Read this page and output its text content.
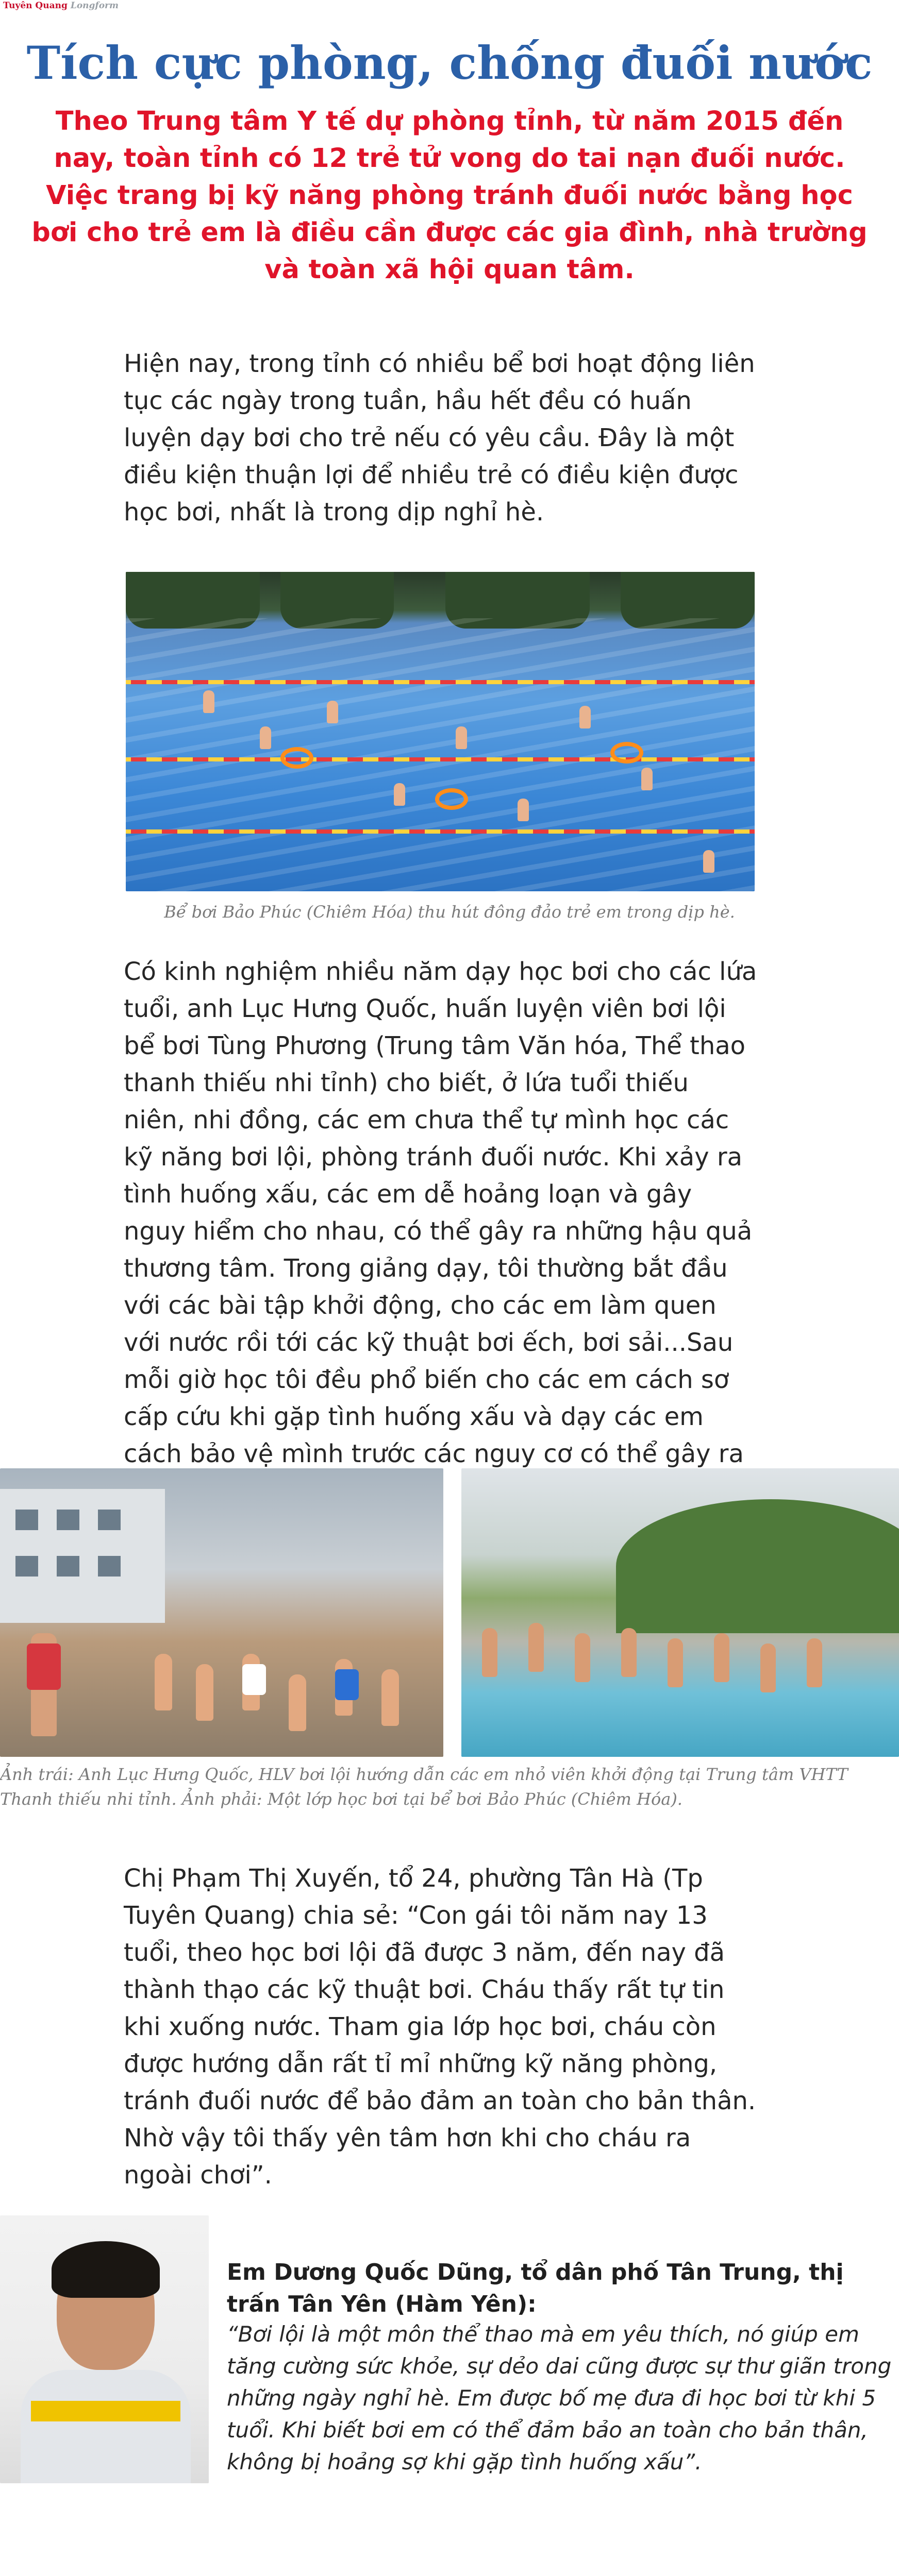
Tuyên Quang Longform
Tích cực phòng, chống đuối nước
Theo Trung tâm Y tế dự phòng tỉnh, từ năm 2015 đến nay, toàn tỉnh có 12 trẻ tử vong do tai nạn đuối nước. Việc trang bị kỹ năng phòng tránh đuối nước bằng học bơi cho trẻ em là điều cần được các gia đình, nhà trường và toàn xã hội quan tâm.
Hiện nay, trong tỉnh có nhiều bể bơi hoạt động liên tục các ngày trong tuần, hầu hết đều có huấn luyện dạy bơi cho trẻ nếu có yêu cầu. Đây là một điều kiện thuận lợi để nhiều trẻ có điều kiện được học bơi, nhất là trong dịp nghỉ hè.
Bể bơi Bảo Phúc (Chiêm Hóa) thu hút đông đảo trẻ em trong dịp hè.
Có kinh nghiệm nhiều năm dạy học bơi cho các lứa tuổi, anh Lục Hưng Quốc, huấn luyện viên bơi lội bể bơi Tùng Phương (Trung tâm Văn hóa, Thể thao thanh thiếu nhi tỉnh) cho biết, ở lứa tuổi thiếu niên, nhi đồng, các em chưa thể tự mình học các kỹ năng bơi lội, phòng tránh đuối nước. Khi xảy ra tình huống xấu, các em dễ hoảng loạn và gây nguy hiểm cho nhau, có thể gây ra những hậu quả thương tâm. Trong giảng dạy, tôi thường bắt đầu với các bài tập khởi động, cho các em làm quen với nước rồi tới các kỹ thuật bơi ếch, bơi sải...Sau mỗi giờ học tôi đều phổ biến cho các em cách sơ cấp cứu khi gặp tình huống xấu và dạy các em cách bảo vệ mình trước các nguy cơ có thể gây ra
Ảnh trái: Anh Lục Hưng Quốc, HLV bơi lội hướng dẫn các em nhỏ viên khởi động tại Trung tâm VHTT Thanh thiếu nhi tỉnh. Ảnh phải: Một lớp học bơi tại bể bơi Bảo Phúc (Chiêm Hóa).
Chị Phạm Thị Xuyến, tổ 24, phường Tân Hà (Tp Tuyên Quang) chia sẻ: “Con gái tôi năm nay 13 tuổi, theo học bơi lội đã được 3 năm, đến nay đã thành thạo các kỹ thuật bơi. Cháu thấy rất tự tin khi xuống nước. Tham gia lớp học bơi, cháu còn được hướng dẫn rất tỉ mỉ những kỹ năng phòng, tránh đuối nước để bảo đảm an toàn cho bản thân. Nhờ vậy tôi thấy yên tâm hơn khi cho cháu ra ngoài chơi”.
Em Dương Quốc Dũng, tổ dân phố Tân Trung, thị trấn Tân Yên (Hàm Yên):
“Bơi lội là một môn thể thao mà em yêu thích, nó giúp em tăng cường sức khỏe, sự dẻo dai cũng được sự thư giãn trong những ngày nghỉ hè. Em được bố mẹ đưa đi học bơi từ khi 5 tuổi. Khi biết bơi em có thể đảm bảo an toàn cho bản thân, không bị hoảng sợ khi gặp tình huống xấu”.
